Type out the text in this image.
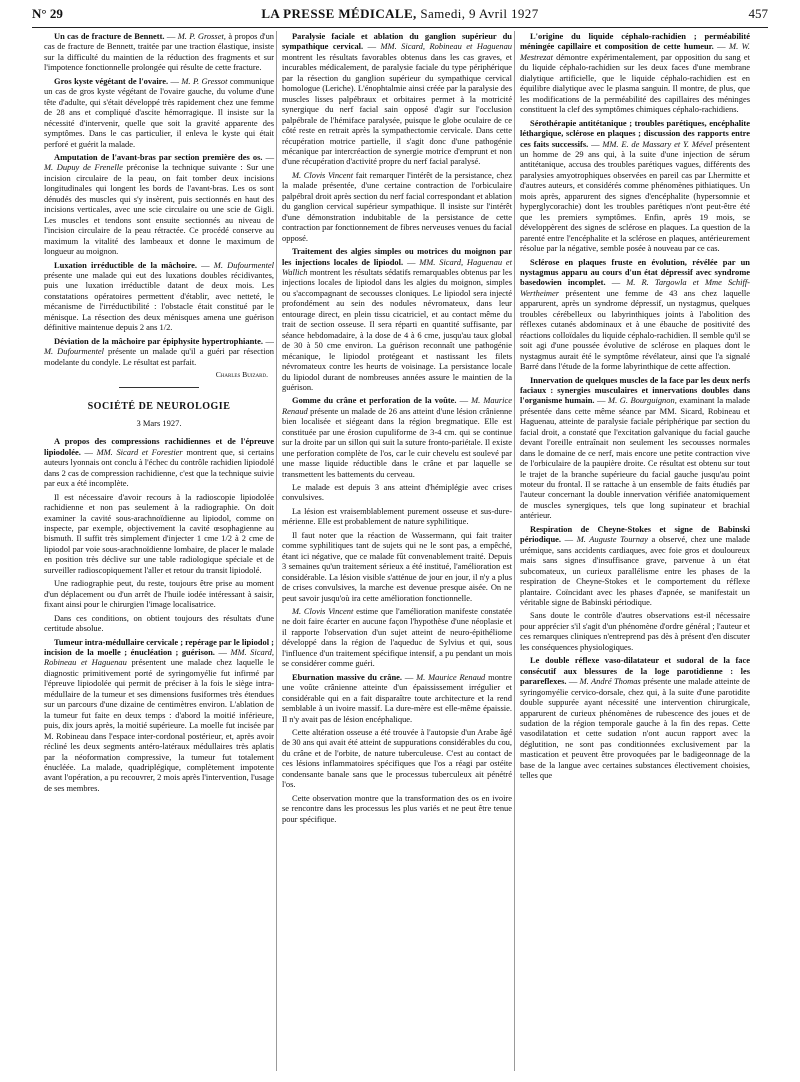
N° 29	LA PRESSE MÉDICALE, Samedi, 9 Avril 1927	457

Un cas de fracture de Bennett. — M. P. Grosset, à propos d'un cas de fracture de Bennett, traitée par une traction élastique, insiste sur la difficulté du maintien de la réduction des fragments et sur l'impotence fonctionnelle prolongée qui résulte de cette fracture.

Gros kyste végétant de l'ovaire. — M. P. Gressot communique un cas de gros kyste végétant de l'ovaire gauche, du volume d'une tête d'adulte, qui s'était développé très rapidement chez une femme de 28 ans et compliqué d'ascite hémorragique. Il insiste sur la nécessité d'intervenir, quelle que soit la gravité apparente des symptômes. Dans le cas particulier, il enleva le kyste qui était perforé et guérit la malade.

Amputation de l'avant-bras par section première des os. — M. Dupuy de Frenelle préconise la technique suivante : Sur une incision circulaire de la peau, on fait tomber deux incisions longitudinales qui longent les bords de l'avant-bras. Les os sont dénudés des muscles qui s'y insèrent, puis sectionnés en haut des incisions verticales, avec une scie circulaire ou une scie de Gigli. Les muscles et tendons sont ensuite sectionnés au niveau de l'incision circulaire de la peau rétractée. Ce procédé conserve au maximum la vitalité des lambeaux et donne le maximum de longueur au moignon.

Luxation irréductible de la mâchoire. — M. Dufourmentel présente une malade qui eut des luxations doubles récidivantes, puis une luxation irréductible datant de deux mois. Les constatations opératoires permettent d'établir, avec netteté, le mécanisme de l'irréductibilité : l'obstacle était constitué par le ménisque. La résection des deux ménisques amena une guérison définitive maintenue depuis 2 ans 1/2.

Déviation de la mâchoire par épiphysite hypertrophiante. — M. Dufourmentel présente un malade qu'il a guéri par résection modelante du condyle. Le résultat est parfait.

Charles Buizard.
SOCIÉTÉ DE NEUROLOGIE
3 Mars 1927.

A propos des compressions rachidiennes et de l'épreuve lipiodolée. — MM. Sicard et Forestier montrent que, si certains auteurs lyonnais ont conclu à l'échec du contrôle rachidien lipiodolé dans 2 cas de compression rachidienne, c'est que la technique suivie par eux a été incomplète.

Il est nécessaire d'avoir recours à la radioscopie lipiodolée rachidienne et non pas seulement à la radiographie. On doit examiner la cavité sous-arachnoïdienne au lipiodol, comme on inspecte, par exemple, objectivement la cavité œsophagienne au bismuth. Il suffit très simplement d'injecter 1 cme 1/2 à 2 cme de lipiodol par voie sous-arachnoïdienne lombaire, de placer le malade en position très déclive sur une table radiologique spéciale et de surveiller radioscopiquement l'aller et retour du transit lipiodolé.

Une radiographie peut, du reste, toujours être prise au moment d'un déplacement ou d'un arrêt de l'huile iodée intéressant à saisir, fixant ainsi pour le chirurgien l'image localisatrice.

Dans ces conditions, on obtient toujours des résultats d'une certitude absolue.

Tumeur intra-médullaire cervicale ; repérage par le lipiodol ; incision de la moelle ; énucléation ; guérison. — MM. Sicard, Robineau et Haguenau présentent une malade chez laquelle le diagnostic primitivement porté de syringomyélie fut infirmé par l'épreuve lipiodolée qui permit de préciser à la fois le siège intra-médullaire de la tumeur et ses dimensions fusiformes très étendues sur un parcours d'une dizaine de centimètres environ. L'ablation de la tumeur fut faite en deux temps : d'abord la moitié inférieure, puis, dix jours après, la moitié supérieure. La moelle fut incisée par M. Robineau dans l'espace inter-cordonal postérieur, et, après avoir récliné les deux segments antéro-latéraux médullaires très aplatis par la néoformation compressive, la tumeur fut totalement énucléée. La malade, quadriplégique, complètement impotente avant l'opération, a pu recouvrer, 2 mois après l'intervention, l'usage de ses membres.

Paralysie faciale et ablation du ganglion supérieur du sympathique cervical. — MM. Sicard, Robineau et Haguenau montrent les résultats favorables obtenus dans les cas graves, et incurables médicalement, de paralysie faciale du type périphérique par la résection du ganglion supérieur du sympathique cervical homologue (Leriche). L'énophtalmie ainsi créée par la paralysie des muscles lisses palpébraux et orbitaires permet à la motricité synergique du nerf facial sain opposé d'agir sur l'occlusion palpébrale de l'hémiface paralysée, puisque le globe oculaire de ce côté reste en retrait après la sympathectomie cervicale. Dans cette récupération motrice partielle, il s'agit donc d'une pathogénie mécanique par intercréaction de synergie motrice d'emprunt et non d'une récupération d'activité propre du nerf facial paralysé.

M. Clovis Vincent fait remarquer l'intérêt de la persistance, chez la malade présentée, d'une certaine contraction de l'orbiculaire palpébral droit après section du nerf facial correspondant et ablation du ganglion cervical supérieur sympathique. Il insiste sur l'intérêt d'une démonstration indubitable de la persistance de cette contraction par fonctionnement de fibres nerveuses venues du facial opposé.

Traitement des algies simples ou motrices du moignon par les injections locales de lipiodol. — MM. Sicard, Haguenau et Wallich montrent les résultats sédatifs remarquables obtenus par les injections locales de lipiodol dans les algies du moignon, simples ou s'accompagnant de secousses cloniques. Le lipiodol sera injecté profondément au sein des nodules névromateux, dans leur entourage direct, en plein tissu cicatriciel, et au contact même du trait de section osseuse. Il sera réparti en quantité suffisante, par séance hebdomadaire, à la dose de 4 à 6 cme, jusqu'au taux global de 30 à 50 cme environ. La guérison reconnaît une pathogénie mécanique, le lipiodol protégeant et nastissant les filets névromateux contre les heurts de voisinage. La persistance locale du lipiodol durant de nombreuses années assure le maintien de la guérison.

Gomme du crâne et perforation de la voûte. — M. Maurice Renaud présente un malade de 26 ans atteint d'une lésion crânienne bien localisée et siégeant dans la région bregmatique. Elle est constituée par une érosion cupuliforme de 3-4 cm. qui se continue sur la droite par un sillon qui suit la suture fronto-pariétale. Il existe une perforation complète de l'os, car le cuir chevelu est soulevé par une masse liquide réductible dans le crâne et par laquelle se transmettent les battements du cerveau.

Le malade est depuis 3 ans atteint d'hémiplégie avec crises convulsives.

La lésion est vraisemblablement purement osseuse et sus-dure-mérienne. Elle est probablement de nature syphilitique.

Il faut noter que la réaction de Wassermann, qui fait traiter comme syphilitiques tant de sujets qui ne le sont pas, a empêché, étant ici négative, que ce malade fût convenablement traité. Depuis 3 semaines qu'un traitement sérieux a été institué, l'amélioration est considérable. La lésion visible s'atténue de jour en jour, il n'y a plus de crises convulsives, la marche est devenue presque aisée. On ne peut savoir jusqu'où ira cette amélioration fonctionnelle.

M. Clovis Vincent estime que l'amélioration manifeste constatée ne doit faire écarter en aucune façon l'hypothèse d'une néoplasie et il rapporte l'observation d'un sujet atteint de neuro-épithéliome développé dans la région de l'aqueduc de Sylvius et qui, sous l'influence d'un traitement spécifique intensif, a pu pendant un mois se considérer comme guéri.

Eburnation massive du crâne. — M. Maurice Renaud montre une voûte crânienne atteinte d'un épaississement irrégulier et considérable qui en a fait disparaître toute architecture et la rend semblable à un ivoire massif. La dure-mère est elle-même épaissie. Il n'y avait pas de lésion encéphalique.

Cette altération osseuse a été trouvée à l'autopsie d'un Arabe âgé de 30 ans qui avait été atteint de suppurations considérables du cou, du crâne et de l'orbite, de nature tuberculeuse. C'est au contact de ces lésions inflammatoires spécifiques que l'os a réagi par ostéite condensante banale sans que le processus tuberculeux ait pénétré l'os.

Cette observation montre que la transformation des os en ivoire se rencontre dans les processus les plus variés et ne peut être tenue pour spécifique.

L'origine du liquide céphalo-rachidien ; perméabilité méningée capillaire et composition de cette humeur. — M. W. Mestrezat démontre expérimentalement, par opposition du sang et du liquide céphalo-rachidien sur les deux faces d'une membrane dialytique artificielle, que le liquide céphalo-rachidien est en équilibre dialytique avec le plasma sanguin. Il montre, de plus, que les modifications de la perméabilité des capillaires des méninges constituent la clef des symptômes chimiques céphalo-rachidiens.

Sérothérapie antitétanique ; troubles parétiques, encéphalite léthargique, sclérose en plaques ; discussion des rapports entre ces faits successifs. — MM. E. de Massary et Y. Mével présentent un homme de 29 ans qui, à la suite d'une injection de sérum antitétanique, accusa des troubles parétiques vagues, différents des paralysies amyotrophiques observées en pareil cas par Lhermitte et d'autres auteurs, et considérés comme phénomènes pithiatiques. Un mois après, apparurent des signes d'encéphalite (hypersomnie et hyperglycorachie) dont les troubles parétiques n'ont peut-être été que les premiers symptômes. Enfin, après 19 mois, se développèrent des signes de sclérose en plaques. La question de la parenté entre l'encéphalite et la sclérose en plaques, antérieurement résolue par la négative, semble posée à nouveau par ce cas.

Sclérose en plaques fruste en évolution, révélée par un nystagmus apparu au cours d'un état dépressif avec syndrome basedowien incomplet. — M. R. Targowla et Mme Schiff-Wertheimer présentent une femme de 43 ans chez laquelle apparurent, après un syndrome dépressif, un nystagmus, quelques troubles cérébelleux ou labyrinthiques joints à l'abolition des réflexes cutanés abdominaux et à une ébauche de positivité des réactions colloïdales du liquide céphalo-rachidien. Il semble qu'il se soit agi d'une poussée évolutive de sclérose en plaques dont le nystagmus aurait été le symptôme révélateur, ainsi que l'a signalé Barré dans l'étude de la forme labyrinthique de cette affection.

Innervation de quelques muscles de la face par les deux nerfs faciaux : synergies musculaires et innervations doubles dans l'organisme humain. — M. G. Bourguignon, examinant la malade présentée dans cette même séance par MM. Sicard, Robineau et Haguenau, atteinte de paralysie faciale périphérique par section du facial droit, a constaté que l'excitation galvanique du facial gauche devant l'oreille entraînait non seulement les secousses normales dans le domaine de ce nerf, mais encore une petite contraction vive de l'orbiculaire de la paupière droite. Ce résultat est obtenu sur tout le trajet de la branche supérieure du facial gauche jusqu'au point moteur du frontal. Il se rattache à un ensemble de faits étudiés par l'auteur concernant la double innervation vérifiée anatomiquement de muscles synergiques, tels que long supinateur et brachial antérieur.

Respiration de Cheyne-Stokes et signe de Babinski périodique. — M. Auguste Tournay a observé, chez une malade urémique, sans accidents cardiaques, avec foie gros et douloureux mais sans signes d'insuffisance grave, parvenue à un état subcomateux, un curieux parallélisme entre les phases de la respiration de Cheyne-Stokes et le comportement du réflexe plantaire. Coïncidant avec les phases d'apnée, se manifestait un véritable signe de Babinski périodique.

Sans doute le contrôle d'autres observations est-il nécessaire pour apprécier s'il s'agit d'un phénomène d'ordre général ; l'auteur et ces remarques cliniques n'entreprend pas dès à présent d'en discuter les conséquences physiologiques.

Le double réflexe vaso-dilatateur et sudoral de la face consécutif aux blessures de la loge parotidienne : les parareflexes. — M. André Thomas présente une malade atteinte de syringomyélie cervico-dorsale, chez qui, à la suite d'une parotidite double suppurée ayant nécessité une intervention chirurgicale, apparurent de curieux phénomènes de rubescence des joues et de sudation de la région temporale gauche à la fin des repas. Cette vasodilatation et cette sudation n'ont aucun rapport avec la déglutition, ne sont pas conditionnées exclusivement par la mastication et peuvent être provoquées par le badigeonnage de la base de la langue avec certaines substances électivement choisies, telles que
